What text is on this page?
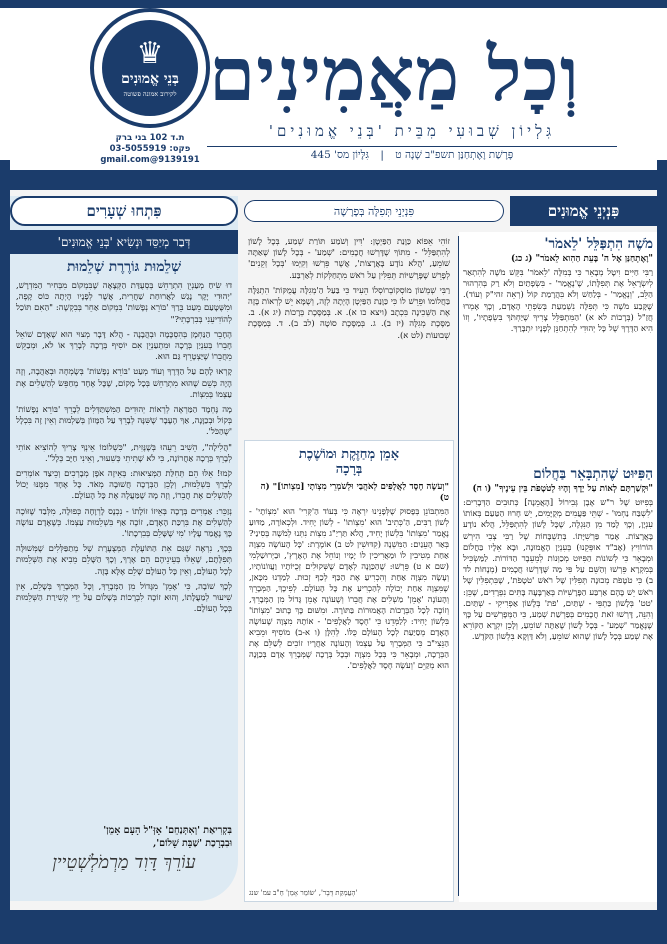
♛
בְּנֵי אֱמוּנִים
לקירוב אמונה פשוטה
ת.ד 102 בני ברק
פקס: 03-5055919
9139191@gmail.com
וְכָל מַאֲמִינִים
גִּלְיוֹן שְׁבוּעִי מִבֵּית 'בְּנֵי אֱמוּנִים'
פָּרָשַׁת וָאֶתְחַנַּן תשפ"ב שָׁנָה ט | גִּלָּיוֹן מס' 445
פִּתְחוּ שְׁעָרִים
דְּבַר מְיַסֵּד וּנְשִׂיא 'בְּנֵי אֱמוּנִים'
שְׁלֵמוּת גּוֹרֶרֶת שְׁלֵמוּת

דוּ שִׂיחַ מְעַנְיֵן הִתְרַחֵשׁ בְּסְעֻדַּת הַקְּצָאָה שֶׁבִּמְקוֹם מִבְּחִיר הַמִּדְרָשׁ, 'יְהוּדִי יָקָר נָגַשׁ לַאֲרוּחַת שַׁחֲרִית, אֲשֶׁר לְפָנָיו הָיְתָה כּוֹס קָפֶה, וּמִשֶּׁטָּעַם מֵעַט בֵּרַךְ 'בּוֹרֵא נְפָשׁוֹת' בִּמְקוֹם אַחֵר בְּבִקְשָׁה: "הַאִם תּוֹכַל לְהוֹדִיעֵנִי בְּבִרְכָּתִי?"

הֶחָבֵר הַנַּחְמָן בְּהִסְכָּמָה וּבְהֲבָנָה - הֲלֹא דָּבָר מְצוּי הוּא שֶׁאָדָם שׁוֹאֵל חָבֵרוֹ בְּעִנְיַן בְּרָכָה וּמִתְעַנְיֵן אִם יוֹסִיף בְּרָכָה לְבָרֵךְ אוֹ לֹא, וּמְבַקֵּשׁ מֵחֲבֵרוֹ שֶׁיַּצְטָרֵף גַּם הוּא.

קָרְאוּ לָהֶם עַל הַדֶּרֶךְ וְעוֹד מְעַט 'בּוֹרֵא נְפָשׁוֹת' בְּשָׂמְחָה וּבְאַהֲבָה, וְזֶה הָיָה כְּשֵׁם שֶׁהוּא מִתְרַחֵשׁ בְּכָל מָקוֹם, שֶׁכָּל אֶחָד מְחַפֵּשׂ לְהַשְׁלִים אֶת עַצְמוֹ בְּמִצְוֹת.

מָה נֶּחְמָד הַמַּרְאֶה לְרְאוֹת יְהוּדִים הַמִּשְׁתַּדְּלִים לְבָרֵךְ 'בּוֹרֵא נְפָשׁוֹת' בְּקוֹל וּבְכַוָּנָה, אַךְ הֶעָבָר שֶׁשִּׁנָּה לְבָרֵךְ עַל הַמָּזוֹן בְּשַׁלְמוּת וְאֵין זֶה בִּכְלָל 'שֶׁהַכֹּל'.

"הֲלִילָה", הֵשִׁיב רֵעֵהוּ בְּשֶׁנֶּזִית, "כִּשְׁלוֹמוֹ אֵינְךָ צָרִיךְ לְהוֹצִיא אוֹתִי לְבָרֵךְ בְּרָכָה אַחֲרוֹנָה, כִּי לֹא שָׁתִיתִי כְּשִׁעוּר, וְאֵינִי חַיָּב כְּלָל".

קֹמוּ! אֵלּוּ הֵם תְּחִלַּת הַמְּצִיאוּת: בְּאֵיזֶה אֹפֶן מְבָרְכִים וְכֵיצַד אוֹמְרִים לְבָרֵךְ בִּשְׁלֵמוּת, וְלָכֵן הַבְּרָכָה חֲשׁוּבָה מְאֹד. כָּל אֶחָד מִמֶּנּוּ יָכוֹל לְהַשְׁלִים אֶת חֲבֵרוֹ, וְזֶה מָה שֶׁמַּעֲלֶה אֶת כָּל הָעוֹלָם.

נְזַכֵּר: אַמְרִים בְּרָכָה בְּאֵיזוֹ זוֹלָתוֹ - נִכְנָס לָרְוָחָה כְּפוּלָה, מִלְּבַד שֶׁזּוֹכֶה לְהַשְׁלִים אֶת בִּרְכַּת הָאָדָם, זוֹכֶה אַף בִּשְׁלֵמוּת עַצְמוֹ. כְּשֶׁאָדָם עוֹשֶׂה כָּךְ נֶאֱמַר עָלָיו 'מִי שֶׁשָּׁלֵם בְּבִרְכָתוֹ'.

בְּכָךְ, נִרְאֶה שֶׁגַּם אֵת הַתּוֹעֶלֶת הַמְּצֻעֶרֶת שֶׁל מְתַפַּלְּלִים שֶׁמְּשׁוּלֶּה תְּפִלָּתָם, שֶׁאֵלּוּ בְּעֵינֵיהֶם הֵם אֶרֶךְ, וְכָךְ הַשָּׁלֵם מֵבִיא אֶת הַשְּׁלֵמוּת לְכָל הָעוֹלָם, וְאֵין כָּל הָעוֹלָם שָׁלֵם אֶלָּא בָּזֶה.

לְכָךְ שׁוֹבָה, כִּי 'אָמֵן' מִגָּדוֹל מִן הַמְּבָרֵךְ, וְכָל הַמְּבָרֵךְ בְּשָׁלֵם, אֵין שִׁיעוּר לְמַעֲלָתוֹ, וְהוּא זוֹכֶה לִבְרָכוֹת בְּשָׁלוֹם עַל יְדֵי קְשִׁירַת הַשְּׁלֵמוּת בְּכָל הָעוֹלָם.

בִּקְרִיאַת 'וְאִתְּנַחֵם' אָזְּ"ל הָעָם אָמֵן'
וּבִבְרָכַת 'שַׁבָּת שָׁלוֹם',
עוֹרֵךְ דָּוִד מַרְמֹלְשְׁטֵיין
פִּנְיְנֵי אֱמוּנִים
פִּנְיְנֵי תְּפִלָּה בְּפָרָשָׁה
מֹשֶׁה הִתְפַּלֵּל 'לֵאמֹר'
"וָאֶתְחַנַּן אֶל ה' בָּעֵת הַהִוא לֵאמֹר" (ג כג)
רַבִּי חַיִּים וִיטָל מְבָאֵר כִּי בְּמִלָּה 'לֵאמֹר' בִּקֵּשׁ מֹשֶׁה לְהִתְאַר לְיִשְׂרָאֵל אֶת תְּפִלָּתוֹ, שֶׁ'נֶאֱמַר' - בִּשְׂפָתַיִם וְלֹא רַק בְּהִרְהוּר הַלֵּב, 'וְנֶאֱמַר' - בְּלַחַשׁ וְלֹא בִּהֲרָמַת קוֹל (רְאֵה זהי"ק וְעוֹד). שֶׁקָּבַע מֹשֶׁה כִּי תְּפִלָּה נִשְׁמַעַת בְּשִׂפְתֵי הָאָדָם, וְכָךְ אָמְרוּ חֲזַ"ל (בְּרָכוֹת לא א) 'הַמִּתְפַּלֵּל צָרִיךְ שֶׁיַּחְתֹּךְ בִּשְׂפָתָיו', וְזוֹ הִיא הַדֶּרֶךְ שֶׁל כָּל יְהוּדִי לְהִתְחַנֵּן לְפָנָיו יִתְבָּרַךְ.
הַפִּיּוּט שֶׁהִתְבָּאֵר בַּחֲלוֹם
"וּקְשַׁרְתָּם לְאוֹת עַל יָדֶךָ וְהָיוּ לְטֹטָפֹת בֵּין עֵינֶיךָ" (ו ח)
בְּפִיּוּט שֶׁל ר"ש אֶבֶן גְּבִירוֹל [הָאֲמֵנָה] כְּתוּבִים הַדְּבָרִים: 'לִשְׁבַּח נַחְמוּ' - שְׁתֵּי פַּעֲמִים מְקֻיָּמִים, יֵשׁ חָרוּז הַטַּעַם בְּאוֹתוֹ עִנְיָן, וְכָךְ לָמַד מִן הַנִּגְלֶה, שֶׁכָּל לָשׁוֹן לְהִתְפַּלֵּל, הֲלֹא נוֹדָע בָּאֲרָצוֹת. אָמַר פַּרְשִׁיָּתוֹ. בְּתִשְׁבָּחוֹת שֶׁל רַבִּי צְבִי הִירְשׁ הוֹרוֹוִיץ (אָב"ד אוּפְּקֵנוּ) בְּעִנְיַן הָאֱמוּנָה, וּבָא אֵלָיו בַּחֲלוֹם וּמְבָאֵר כִּי לְשׁוֹנוֹת הַפִּיּוּט מְכַוְּנוֹת לְמֵעֵבֶר הַדּוֹרוֹת. לַמַּשְׂכִּיל בְּמִקְרָא פֵּרְשׁוּ וְהַשֵּׁם עַל פִּי מַה שֶּׁדָּרְשׁוּ חֲכָמִים (מְנָחוֹת לד ב) כִּי טֹטָפֹת מְכוּנָה תְּפִלִּין שֶׁל רֹאשׁ 'טֹטָפֹת', שֶׁבִּתְפִלִּין שֶׁל רֹאשׁ יֵשׁ בָּהֶם אַרְבַּע הַפָּרָשִׁיּוֹת בְּאַרְבָּעָה בָּתִּים נִפְרָדִים, שֶׁכֵּן: 'טט' בְּלָשׁוֹן כַּתְפִּי - שְׁתַּיִם, 'פת' בְּלָשׁוֹן אַפְרִיקִי - שְׁתַּיִם. וְהִנֵּה, דָּרְשׁוּ זֹאת חֲכָמִים בְּפַרְשַׁת שְׁמַע, כִּי הַמְּפָרְשִׁים עַל כָּךְ שֶׁנֶּאֱמַר 'שְׁמַע' - בְּכָל לָשׁוֹן שֶׁאַתָּה שׁוֹמֵעַ, וְלָכֵן יִקְרָא הַקּוֹרֵא אֶת שְׁמַע בְּכָל לָשׁוֹן שֶׁהוּא שׁוֹמֵעַ, וְלֹא דַּוְקָא בִּלְשׁוֹן הַקֹּדֶשׁ.
זוֹהִי אֵפוֹא כַּוָּנַת הַפַּיְטָן: 'דִּין וְשֹׁמַע תּוֹרַת שְׁמַע, בְּכָל לָשׁוֹן לְהִתְפַּלֵּל' - מִתּוֹךְ שֶׁדָּרְשׁוּ חֲכָמִים: 'שְׁמַע' - בְּכָל לָשׁוֹן שֶׁאַתָּה שׁוֹמֵעַ, 'הֲלֹא נוֹדָע בָּאֲרָצוֹת', אֲשֶׁר פֵּרְשׁוּ וְקִיְּמוּ 'בְּכָל זְקֵנִים' לְפָרֵשׁ שֶׁפָּרָשִׁיּוֹת תְּפִלִּין עַל רֹאשׁ מִתְחַלְּקוֹת לְאַרְבַּע.
רַבִּי שְׁמְשׁוֹן מוֹסְקוֹבְרוֹסְלוֹ הֵעִיד כִּי בַּעַל הַ'מְגִלָּה עֲמֻקּוֹת' הִתְגַּלָּה בַּחֲלוֹמוֹ וּפֵרֵשׁ לוֹ כִּי כַּוָּנַת הַפַּיְטָן הָיְתָה לְזֶה, וְשֶׁמָּא יֵשׁ לְרְאוֹת בָּזֶה אֶת הַשְּׁכִינָה בִּכְתָב (ויצא כו א). א. בְּמַסֶּכֶת בְּרָכוֹת (יג א). ב. מַסֶּכֶת מְגִלָּה (יז ב). ג. בְּמַסֶּכֶת סוֹטָה (לב ב). ד. בְּמַסֶּכֶת שְׁבוּעוֹת (לט א).
אָמֵן מְחַזֶּקֶת וּמוֹשֶׁכֶת בְּרָכָה
"וְעֹשֶׂה חֶסֶד לַאֲלָפִים לְאֹהֲבַי וּלְשֹׁמְרֵי מִצְוֹתָי [מִצְוֹתוֹ]" (ה ט)
הַמִּתְבּוֹנֵן בְּפָסוּק שֶׁלְּפָנֵינוּ יִרְאֶה כִּי בְּעוֹד הַ'קְּרִי' הוּא 'מִצְוֹתָי' - לְשׁוֹן רַבִּים, הַ'כְּתִיב' הוּא 'מִצְוֹתוֹ' - לְשׁוֹן יָחִיד. וּלְכְאוֹרָה, מַדּוּעַ נֶאֱמַר 'מִצְוֹתוֹ' בִּלְשׁוֹן יָחִיד, הֲלֹא תַּרְיַ"ג מִצְוֹת נִתְּנוּ לְמֹשֶׁה בְּסִינַי? בְּאַר הָעֵנַיִם: הַמִּשְׁנָה (קִדּוּשִׁין לט ב) אוֹמֶרֶת: 'כָּל הָעוֹשֶׂה מִצְוָה אַחַת מְטִיבִין לוֹ וּמַאֲרִיכִין לוֹ יָמָיו וְנוֹחֵל אֶת הָאָרֶץ', וּבַיְרוּשַׁלְמִי (שם א ט) פֵּרְשׁוּ: שֶׁהַכַּוָּנָה לְאָדָם שֶׁשְּׁקוּלִים זְכֻיּוֹתָיו וַעֲווֹנוֹתָיו, וְעָשָׂה מִצְוָה אַחַת וְהִכְרִיעַ אֶת הַכַּף לְכַף זְכוּת. לְמַדְנוּ מִכָּאן, שֶׁמִּצְוָה אַחַת יְכוֹלָה לְהַכְרִיעַ אֶת כָּל הָעוֹלָם. לְפִיכָךְ, הַמְּבָרֵךְ וְהָעוֹנֶה 'אָמֵן' מַשְׁלִים אֶת חֲבֵרוֹ וְשֶׁעוֹנֶה אָמֵן גָּדוֹל מִן הַמְּבָרֵךְ, וְזוֹכֶה לְכָל הַבְּרָכוֹת הָאֲמוּרוֹת בַּתּוֹרָה. וּמִשּׁוּם כָּךְ כָּתוּב 'מִצְוֹתוֹ' בִּלְשׁוֹן יָחִיד: לְלַמְּדֵנוּ כִּי 'חֶסֶד לַאֲלָפִים' - אוֹתָהּ מִצְוָה שֶׁעוֹשֶׂה הָאָדָם מְסַיַּעַת לְכָל הָעוֹלָם כֻּלּוֹ. לְהִלָּן (ו א-ב) מוֹסִיף וּמֵבִיא הַנֵּצִי"ב כִּי הַמְּבָרֵךְ עַל עַצְמוֹ וְהָעוֹנֶה אַחֲרָיו זוֹכִים לְשַׁלֵּם אֶת הַבְּרָכָה, וּמְבָאֵר כִּי בְּכָל מִצְוָה וּבְכָל בְּרָכָה שֶׁמְּבָרֵךְ אָדָם בְּכַוָּנָה הוּא מְקַיֵּם 'וְעֹשֶׂה חֶסֶד לַאֲלָפִים'.
'הָעֲמָקַת דָּבָר', 'שׂוֹמֵר אָמֵן' חֵ"ב עמ' שנג
